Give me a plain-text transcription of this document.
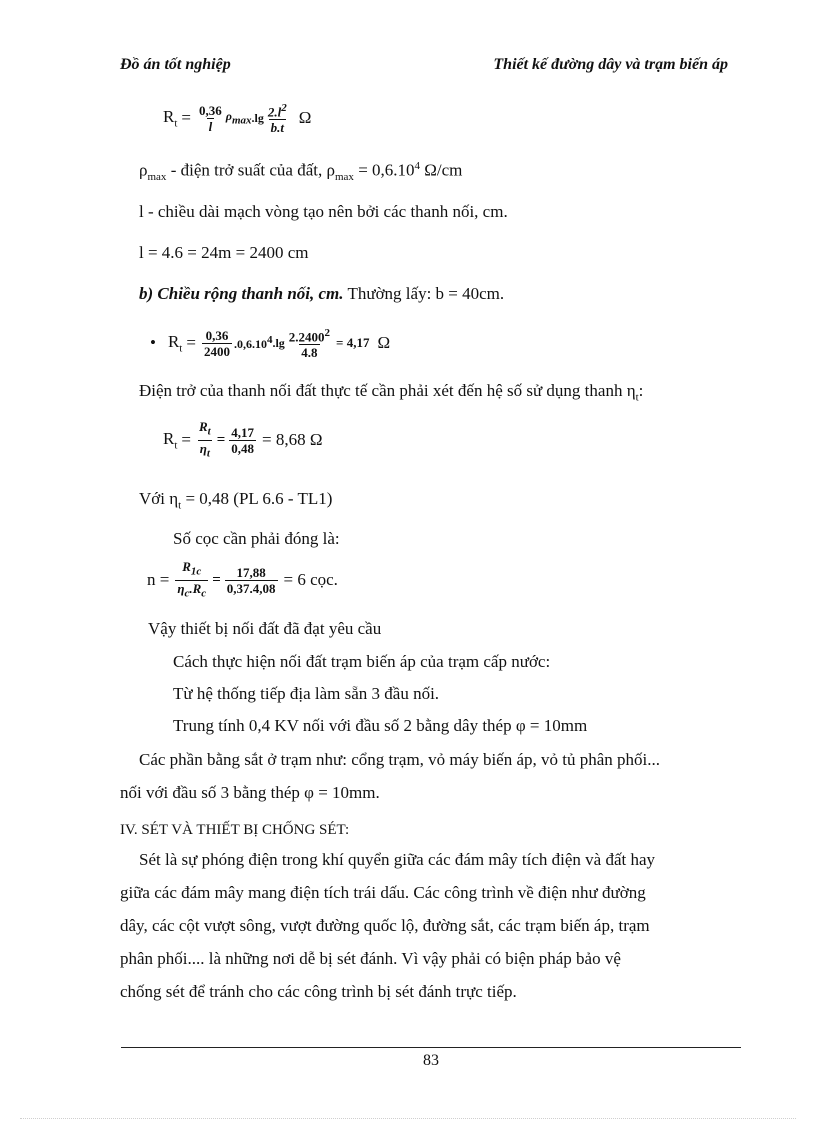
Đồ án tốt nghiệp	Thiết kế đường dây và trạm biến áp
$R_t = \frac{0,36}{l} \rho_{max}$ $.\lg \frac{2.l^2}{b.t}$ Ω
$\rho_{max}$ - điện trở suất của đất, $\rho_{max} = 0,6.10^4$ Ω/cm
l - chiều dài mạch vòng tạo nên bởi các thanh nối, cm.
l = 4.6 = 24m = 2400 cm
b) Chiều rộng thanh nối, cm. Thường lấy: b = 40cm.
• $R_t = \frac{0,36}{2400} .0,6.10^4$ $.\lg \frac{2.2400^2}{4.8} = 4,17$ Ω
Điện trở của thanh nối đất thực tế cần phải xét đến hệ số sử dụng thanh $\eta_t$:
$R_t = \frac{R_t}{\eta_t} = \frac{4,17}{0,48} = 8,68$ Ω
Với $\eta_t = 0,48$ (PL 6.6 - TL1)
Số cọc cần phải đóng là:
$n = \frac{R_{1c}}{\eta_c.R_c} = \frac{17,88}{0,37.4,08} = 6$ cọc.
Vậy thiết bị nối đất đã đạt yêu cầu
Cách thực hiện nối đất trạm biến áp của trạm cấp nước:
Từ hệ thống tiếp địa làm sẵn 3 đầu nối.
Trung tính 0,4 KV nối với đầu số 2 bằng dây thép φ = 10mm
Các phần bằng sắt ở trạm như: cổng trạm, vỏ máy biến áp, vỏ tủ phân phối...
nối với đầu số 3 bằng thép φ = 10mm.
IV. SÉT VÀ THIẾT BỊ CHỐNG SÉT:
Sét là sự phóng điện trong khí quyển giữa các đám mây tích điện và đất hay
giữa các đám mây mang điện tích trái dấu. Các công trình về điện như đường
dây, các cột vượt sông, vượt đường quốc lộ, đường sắt, các trạm biến áp, trạm
phân phối.... là những nơi dễ bị sét đánh. Vì vậy phải có biện pháp bảo vệ
chống sét để tránh cho các công trình bị sét đánh trực tiếp.
83
